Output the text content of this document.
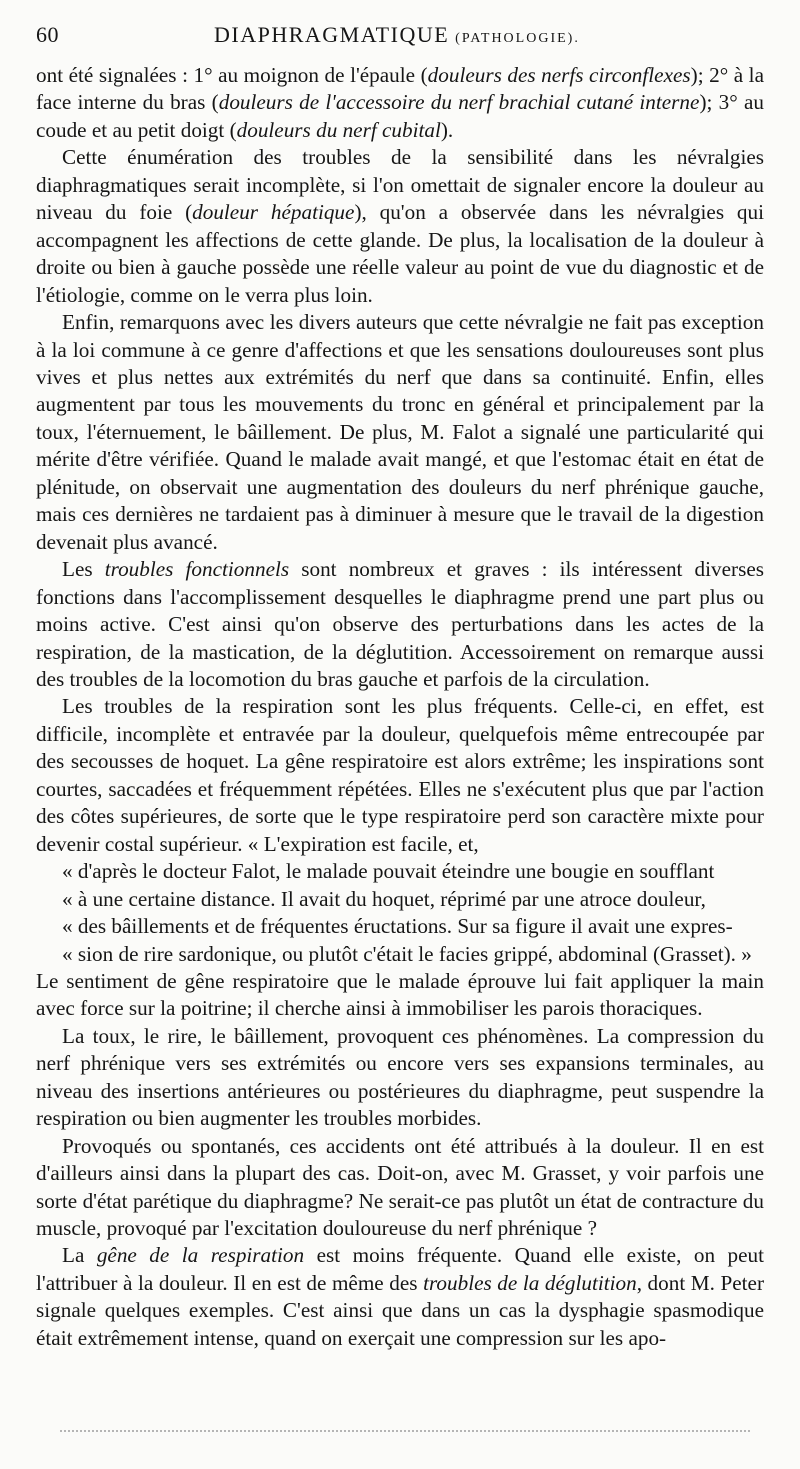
60	DIAPHRAGMATIQUE (PATHOLOGIE).

ont été signalées : 1° au moignon de l'épaule (douleurs des nerfs circonflexes); 2° à la face interne du bras (douleurs de l'accessoire du nerf brachial cutané interne); 3° au coude et au petit doigt (douleurs du nerf cubital).

Cette énumération des troubles de la sensibilité dans les névralgies diaphragmatiques serait incomplète, si l'on omettait de signaler encore la douleur au niveau du foie (douleur hépatique), qu'on a observée dans les névralgies qui accompagnent les affections de cette glande. De plus, la localisation de la douleur à droite ou bien à gauche possède une réelle valeur au point de vue du diagnostic et de l'étiologie, comme on le verra plus loin.

Enfin, remarquons avec les divers auteurs que cette névralgie ne fait pas exception à la loi commune à ce genre d'affections et que les sensations douloureuses sont plus vives et plus nettes aux extrémités du nerf que dans sa continuité. Enfin, elles augmentent par tous les mouvements du tronc en général et principalement par la toux, l'éternuement, le bâillement. De plus, M. Falot a signalé une particularité qui mérite d'être vérifiée. Quand le malade avait mangé, et que l'estomac était en état de plénitude, on observait une augmentation des douleurs du nerf phrénique gauche, mais ces dernières ne tardaient pas à diminuer à mesure que le travail de la digestion devenait plus avancé.

Les troubles fonctionnels sont nombreux et graves : ils intéressent diverses fonctions dans l'accomplissement desquelles le diaphragme prend une part plus ou moins active. C'est ainsi qu'on observe des perturbations dans les actes de la respiration, de la mastication, de la déglutition. Accessoirement on remarque aussi des troubles de la locomotion du bras gauche et parfois de la circulation.

Les troubles de la respiration sont les plus fréquents. Celle-ci, en effet, est difficile, incomplète et entravée par la douleur, quelquefois même entrecoupée par des secousses de hoquet. La gêne respiratoire est alors extrême; les inspirations sont courtes, saccadées et fréquemment répétées. Elles ne s'exécutent plus que par l'action des côtes supérieures, de sorte que le type respiratoire perd son caractère mixte pour devenir costal supérieur. « L'expiration est facile, et,
« d'après le docteur Falot, le malade pouvait éteindre une bougie en soufflant
« à une certaine distance. Il avait du hoquet, réprimé par une atroce douleur,
« des bâillements et de fréquentes éructations. Sur sa figure il avait une expres-
« sion de rire sardonique, ou plutôt c'était le facies grippé, abdominal (Grasset). »
Le sentiment de gêne respiratoire que le malade éprouve lui fait appliquer la main avec force sur la poitrine; il cherche ainsi à immobiliser les parois thoraciques.

La toux, le rire, le bâillement, provoquent ces phénomènes. La compression du nerf phrénique vers ses extrémités ou encore vers ses expansions terminales, au niveau des insertions antérieures ou postérieures du diaphragme, peut suspendre la respiration ou bien augmenter les troubles morbides.

Provoqués ou spontanés, ces accidents ont été attribués à la douleur. Il en est d'ailleurs ainsi dans la plupart des cas. Doit-on, avec M. Grasset, y voir parfois une sorte d'état parétique du diaphragme? Ne serait-ce pas plutôt un état de contracture du muscle, provoqué par l'excitation douloureuse du nerf phrénique ?

La gêne de la respiration est moins fréquente. Quand elle existe, on peut l'attribuer à la douleur. Il en est de même des troubles de la déglutition, dont M. Peter signale quelques exemples. C'est ainsi que dans un cas la dysphagie spasmodique était extrêmement intense, quand on exerçait une compression sur les apo-
